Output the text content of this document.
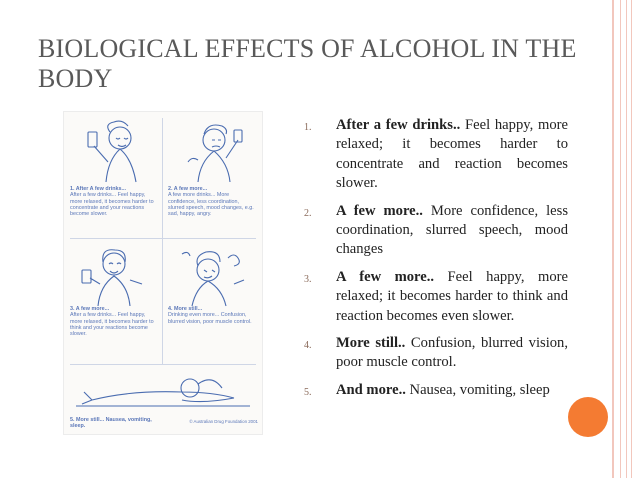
BIOLOGICAL EFFECTS OF ALCOHOL IN THE BODY
1. After A few drinks...
After a few drinks... Feel happy, more relaxed, it becomes harder to concentrate and your reactions become slower.
2. A few more...
A few more drinks... More confidence, less coordination, slurred speech, mood changes, e.g. sad, happy, angry.
3. A few more...
After a few drinks... Feel happy, more relaxed, it becomes harder to think and your reactions become slower.
4. More still...
Drinking even more... Confusion, blurred vision, poor muscle control.
5. More still... Nausea, vomiting, sleep.
© Australian Drug Foundation 2001
1. After a few drinks.. Feel happy, more relaxed; it becomes harder to concentrate and reaction becomes slower.
2. A few more.. More confidence, less coordination, slurred speech, mood changes
3. A few more.. Feel happy, more relaxed; it becomes harder to think and reaction becomes even slower.
4. More still.. Confusion, blurred vision, poor muscle control.
5. And more.. Nausea, vomiting, sleep
